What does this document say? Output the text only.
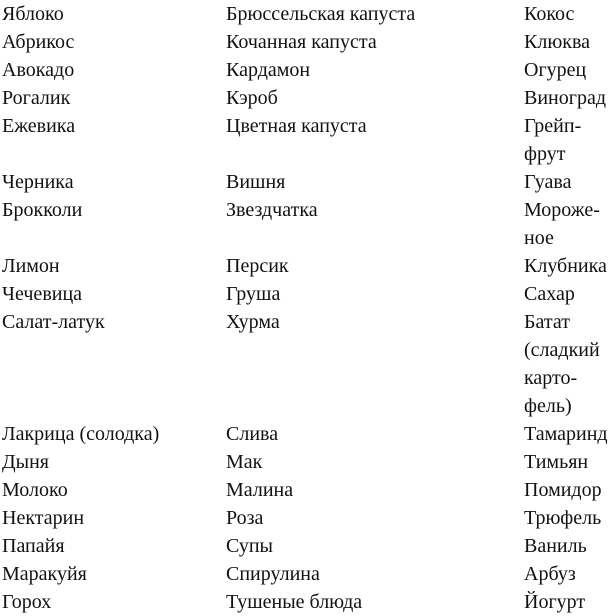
Яблоко	Брюссельская капуста	Кокос
Абрикос	Кочанная капуста	Клюква
Авокадо	Кардамон	Огурец
Рогалик	Кэроб	Виноград
Ежевика	Цветная капуста	Грейп-
фрут
Черника	Вишня	Гуава
Брокколи	Звездчатка	Мороже-
ное
Лимон	Персик	Клубника
Чечевица	Груша	Сахар
Салат-латук	Хурма	Батат
(сладкий
карто-
фель)
Лакрица (солодка)	Слива	Тамаринд
Дыня	Мак	Тимьян
Молоко	Малина	Помидор
Нектарин	Роза	Трюфель
Папайя	Супы	Ваниль
Маракуйя	Спирулина	Арбуз
Горох	Тушеные блюда	Йогурт
